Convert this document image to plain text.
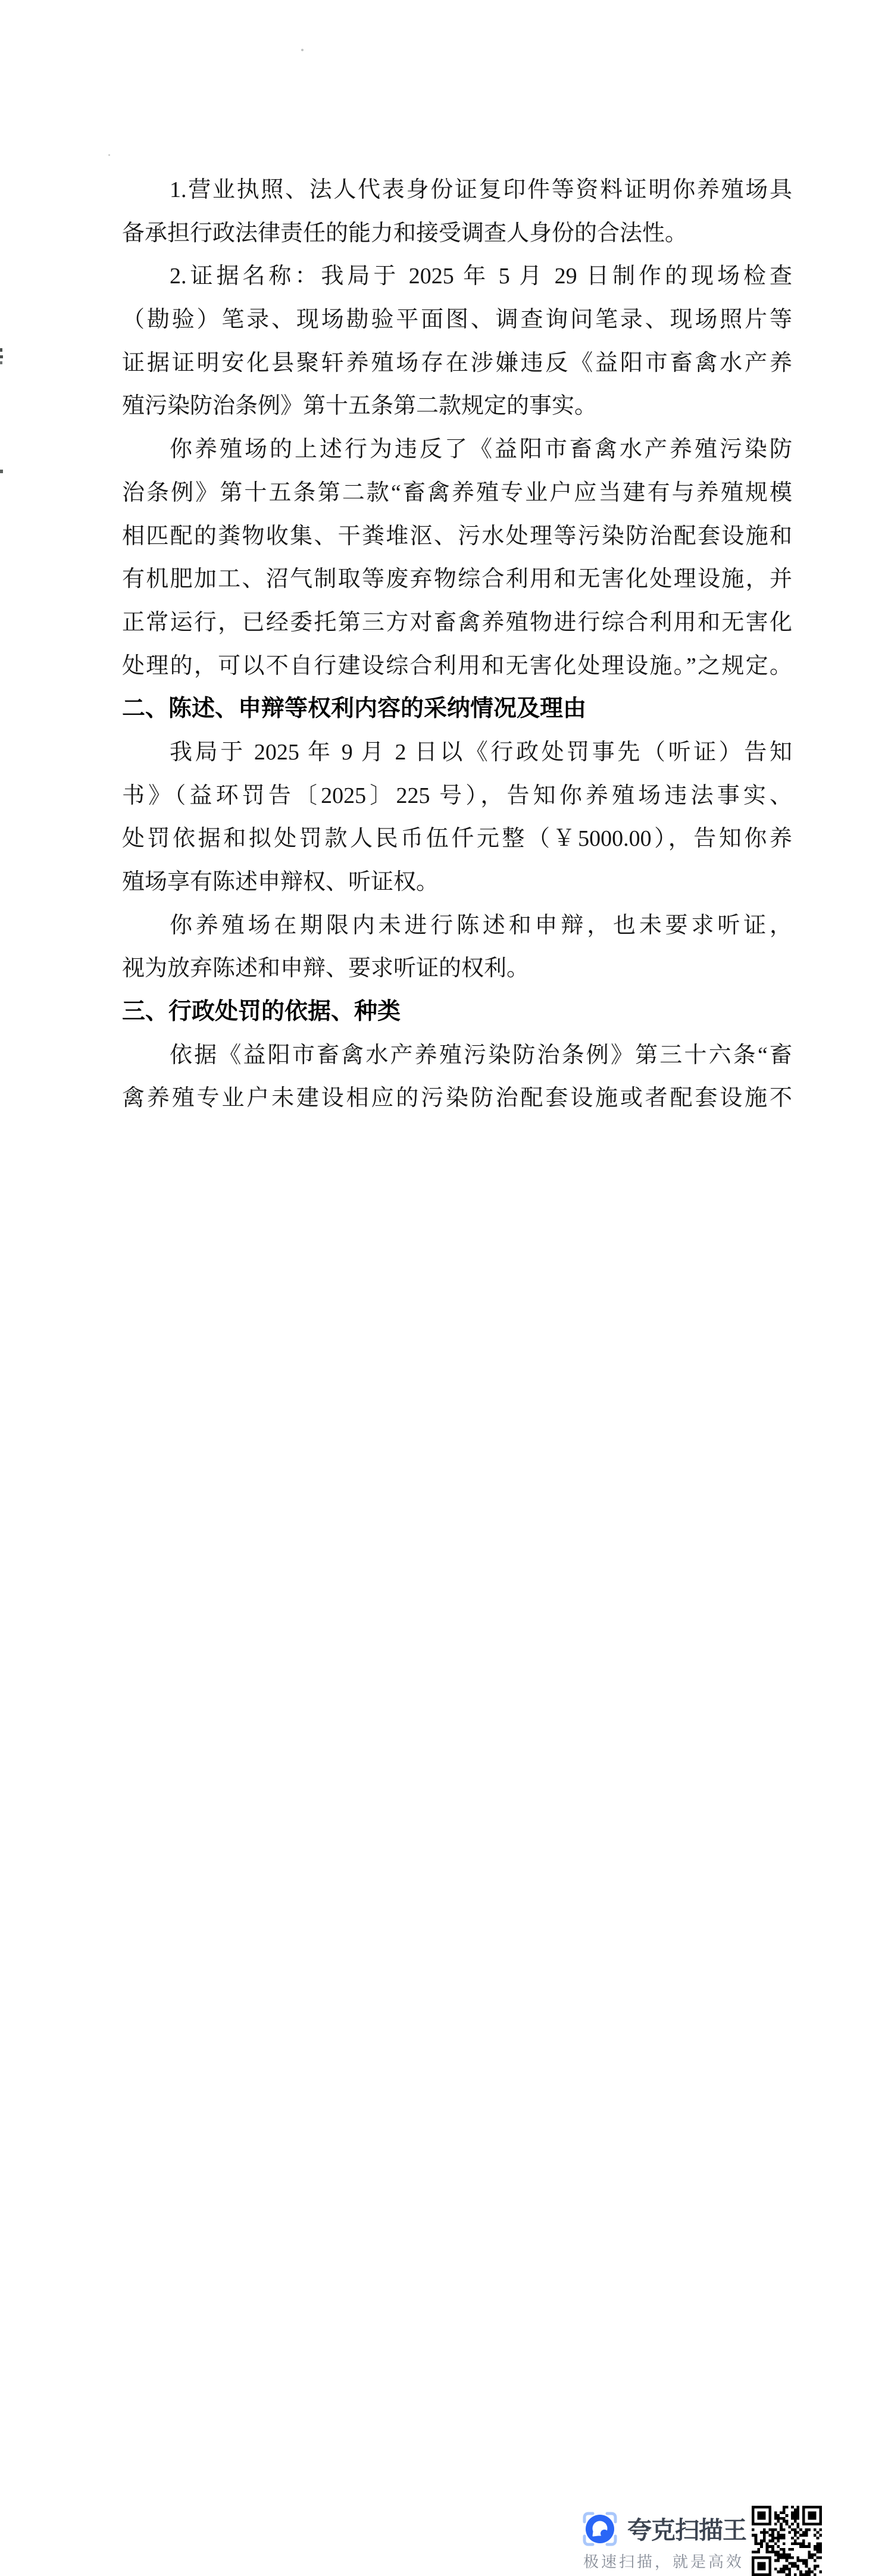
1.营业执照、法人代表身份证复印件等资料证明你养殖场具
备承担行政法律责任的能力和接受调查人身份的合法性。
2.证据名称：我局于 2025 年 5 月 29 日制作的现场检查
（勘验）笔录、现场勘验平面图、调查询问笔录、现场照片等
证据证明安化县聚轩养殖场存在涉嫌违反《益阳市畜禽水产养
殖污染防治条例》第十五条第二款规定的事实。
你养殖场的上述行为违反了《益阳市畜禽水产养殖污染防
治条例》第十五条第二款“畜禽养殖专业户应当建有与养殖规模
相匹配的粪物收集、干粪堆沤、污水处理等污染防治配套设施和
有机肥加工、沼气制取等废弃物综合利用和无害化处理设施，并
正常运行，已经委托第三方对畜禽养殖物进行综合利用和无害化
处理的，可以不自行建设综合利用和无害化处理设施。”之规定。
二、陈述、申辩等权利内容的采纳情况及理由
我局于 2025 年 9 月 2 日以《行政处罚事先（听证）告知
书》（益环罚告〔2025〕225 号），告知你养殖场违法事实、
处罚依据和拟处罚款人民币伍仟元整（￥5000.00），告知你养
殖场享有陈述申辩权、听证权。
你养殖场在期限内未进行陈述和申辩，也未要求听证，
视为放弃陈述和申辩、要求听证的权利。
三、行政处罚的依据、种类
依据《益阳市畜禽水产养殖污染防治条例》第三十六条“畜
禽养殖专业户未建设相应的污染防治配套设施或者配套设施不
夸克扫描王
极速扫描，就是高效
